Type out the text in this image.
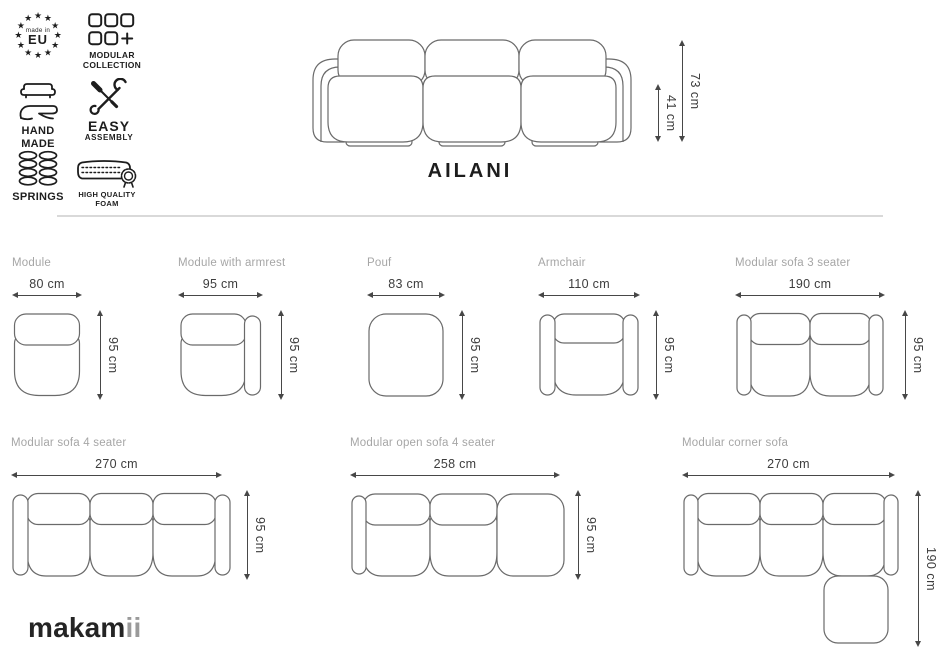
★
★
★
★
★
★
★
★
★ ★ ★
★
made in
EU
MODULAR
COLLECTION
HAND
MADE
EASY
ASSEMBLY
SPRINGS	HIGH QUALITY
FOAM
41 cm
73 cm
AILANI
Module
80 cm
95 cm
Module with armrest
95 cm
95 cm
Pouf
83 cm
95 cm
Armchair
110 cm
95 cm
Modular sofa 3 seater
190 cm
95 cm
Modular sofa 4 seater
270 cm
95 cm
Modular open sofa 4 seater
258 cm
95 cm
Modular corner sofa
270 cm
190 cm
makamii
